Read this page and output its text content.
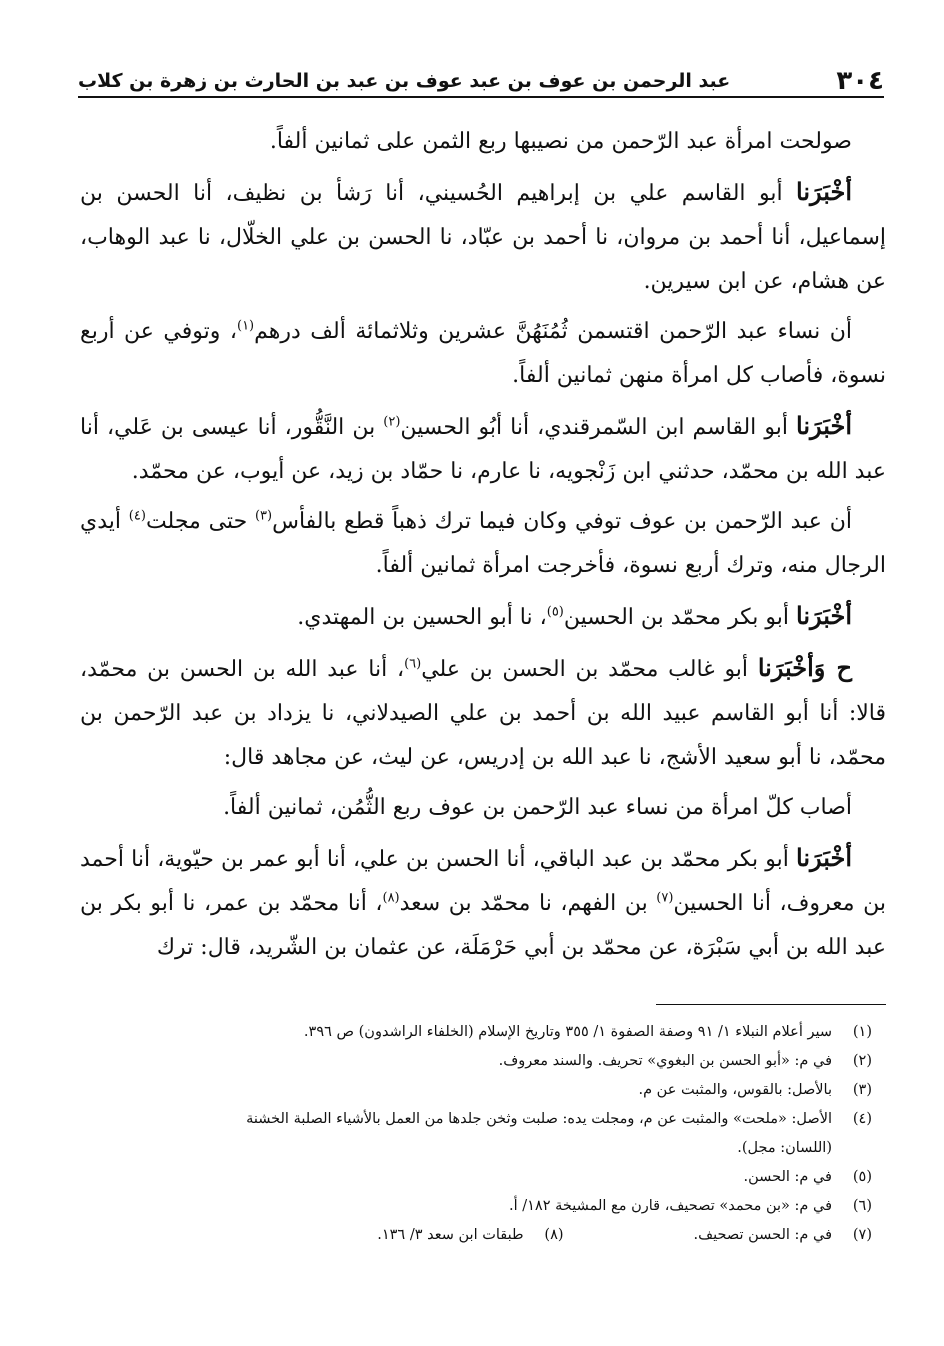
٣٠٤
عبد الرحمن بن عوف بن عبد عوف بن عبد بن الحارث بن زهرة بن كلاب

صولحت امرأة عبد الرّحمن من نصيبها ربع الثمن على ثمانين ألفاً.

أخْبَرَنا أبو القاسم علي بن إبراهيم الحُسيني، أنا رَشأ بن نظيف، أنا الحسن بن إسماعيل، أنا أحمد بن مروان، نا أحمد بن عبّاد، نا الحسن بن علي الخلّال، نا عبد الوهاب، عن هشام، عن ابن سيرين.

أن نساء عبد الرّحمن اقتسمن ثُمُنَهُنَّ عشرين وثلاثمائة ألف درهم$^{(١)}$، وتوفي عن أربع نسوة، فأصاب كل امرأة منهن ثمانين ألفاً.

أخْبَرَنا أبو القاسم ابن السّمرقندي، أنا أبُو الحسين$^{(٢)}$ بن النَّقُّور، أنا عيسى بن عَلي، أنا عبد الله بن محمّد، حدثني ابن زَنْجويه، نا عارم، نا حمّاد بن زيد، عن أيوب، عن محمّد.

أن عبد الرّحمن بن عوف توفي وكان فيما ترك ذهباً قطع بالفأس$^{(٣)}$ حتى مجلت$^{(٤)}$ أيدي الرجال منه، وترك أربع نسوة، فأخرجت امرأة ثمانين ألفاً.

أخْبَرَنا أبو بكر محمّد بن الحسين$^{(٥)}$، نا أبو الحسين بن المهتدي.

ح وَأخْبَرَنا أبو غالب محمّد بن الحسن بن علي$^{(٦)}$، أنا عبد الله بن الحسن بن محمّد، قالا: أنا أبو القاسم عبيد الله بن أحمد بن علي الصيدلاني، نا يزداد بن عبد الرّحمن بن محمّد، نا أبو سعيد الأشج، نا عبد الله بن إدريس، عن ليث، عن مجاهد قال:

أصاب كلّ امرأة من نساء عبد الرّحمن بن عوف ربع الثُّمُن، ثمانين ألفاً.

أخْبَرَنا أبو بكر محمّد بن عبد الباقي، أنا الحسن بن علي، أنا أبو عمر بن حيّوية، أنا أحمد بن معروف، أنا الحسين$^{(٧)}$ بن الفهم، نا محمّد بن سعد$^{(٨)}$، أنا محمّد بن عمر، نا أبو بكر بن عبد الله بن أبي سَبْرَة، عن محمّد بن أبي حَرْمَلَة، عن عثمان بن الشّريد، قال: ترك

(١)
سير أعلام النبلاء ١/ ٩١ وصفة الصفوة ١/ ٣٥٥ وتاريخ الإسلام (الخلفاء الراشدون) ص ٣٩٦.
(٢)
في م: «أبو الحسن بن البغوي» تحريف. والسند معروف.
(٣)
بالأصل: بالقوس، والمثبت عن م.
(٤)
الأصل: «ملحت» والمثبت عن م، ومجلت يده: صلبت وثخن جلدها من العمل بالأشياء الصلبة الخشنة
(اللسان: مجل).
(٥)
في م: الحسن.
(٦)
في م: «بن محمد» تصحيف، قارن مع المشيخة ١٨٢/ أ.
(٧)
في م: الحسن تصحيف.
(٨)
طبقات ابن سعد ٣/ ١٣٦.
